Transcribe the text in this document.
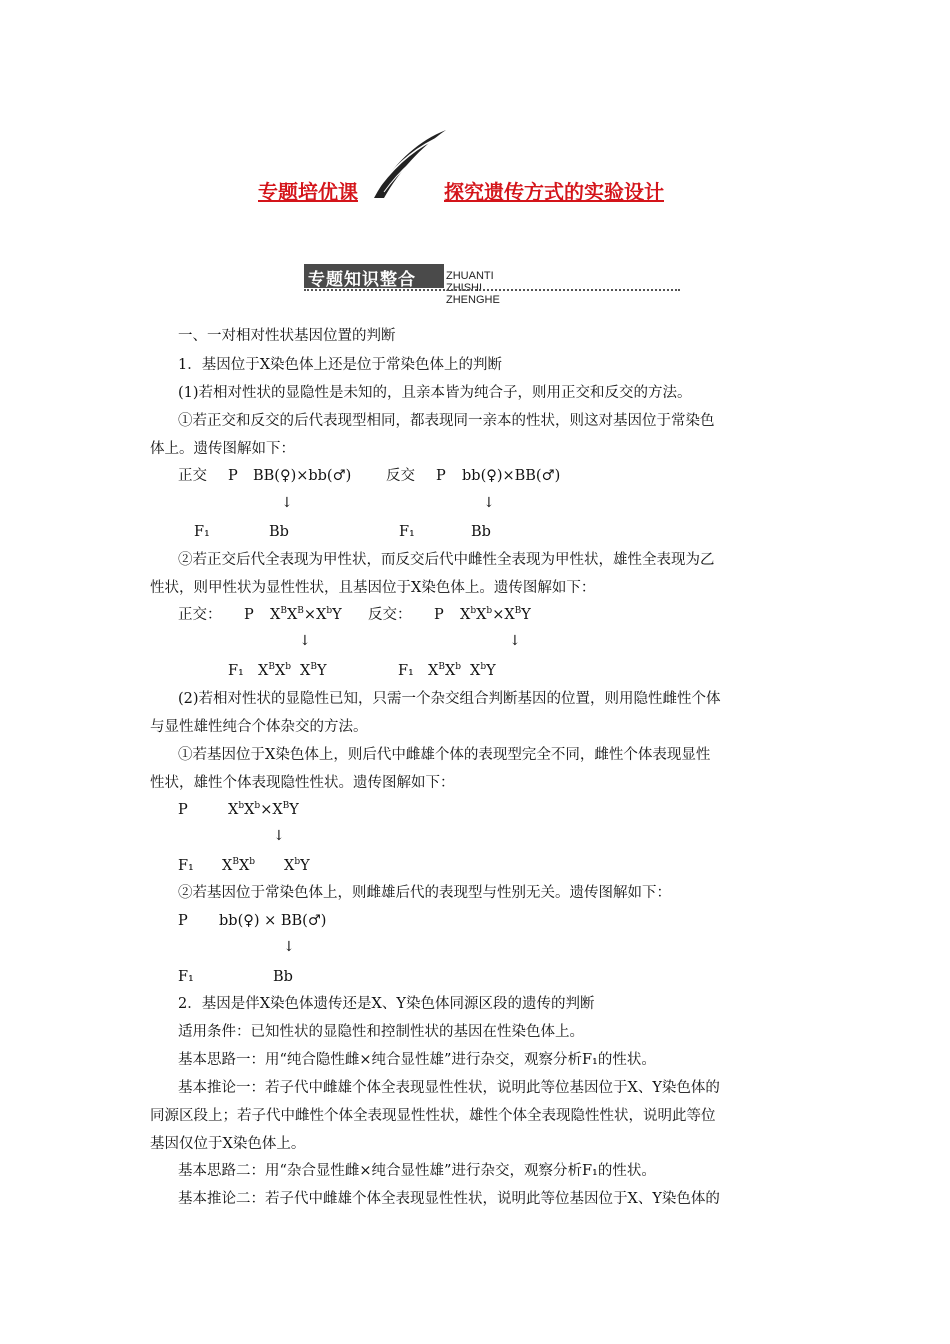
专题培优课	探究遗传方式的实验设计
专题知识整合	ZHUANTI ZHISHI ZHENGHE
一、一对相对性状基因位置的判断
1．基因位于X染色体上还是位于常染色体上的判断
(1)若相对性状的显隐性是未知的，且亲本皆为纯合子，则用正交和反交的方法。
①若正交和反交的后代表现型相同，都表现同一亲本的性状，则这对基因位于常染色
体上。遗传图解如下：
正交 P BB(♀)×bb(♂) 反交 P bb(♀)×BB(♂)
↓	↓
F₁	Bb	F₁	Bb
②若正交后代全表现为甲性状，而反交后代中雌性全表现为甲性状，雄性全表现为乙
性状，则甲性状为显性性状，且基因位于X染色体上。遗传图解如下：
正交： P $X^BX^B\times X^bY$ 反交： P $X^bX^b\times X^BY$
↓	↓
F₁ $X^BX^b$ $X^BY$	F₁ $X^BX^b$ $X^bY$
(2)若相对性状的显隐性已知，只需一个杂交组合判断基因的位置，则用隐性雌性个体
与显性雄性纯合个体杂交的方法。
①若基因位于X染色体上，则后代中雌雄个体的表现型完全不同，雌性个体表现显性
性状，雄性个体表现隐性性状。遗传图解如下：
P	$X^bX^b\times X^BY$
↓
F₁ $X^BX^b$ $X^bY$
②若基因位于常染色体上，则雌雄后代的表现型与性别无关。遗传图解如下：
P bb(♀) × BB(♂)
↓
F₁	Bb
2．基因是伴X染色体遗传还是X、Y染色体同源区段的遗传的判断
适用条件：已知性状的显隐性和控制性状的基因在性染色体上。
基本思路一：用“纯合隐性雌×纯合显性雄”进行杂交，观察分析F₁的性状。
基本推论一：若子代中雌雄个体全表现显性性状，说明此等位基因位于X、Y染色体的
同源区段上；若子代中雌性个体全表现显性性状，雄性个体全表现隐性性状，说明此等位
基因仅位于X染色体上。
基本思路二：用“杂合显性雌×纯合显性雄”进行杂交，观察分析F₁的性状。
基本推论二：若子代中雌雄个体全表现显性性状，说明此等位基因位于X、Y染色体的
